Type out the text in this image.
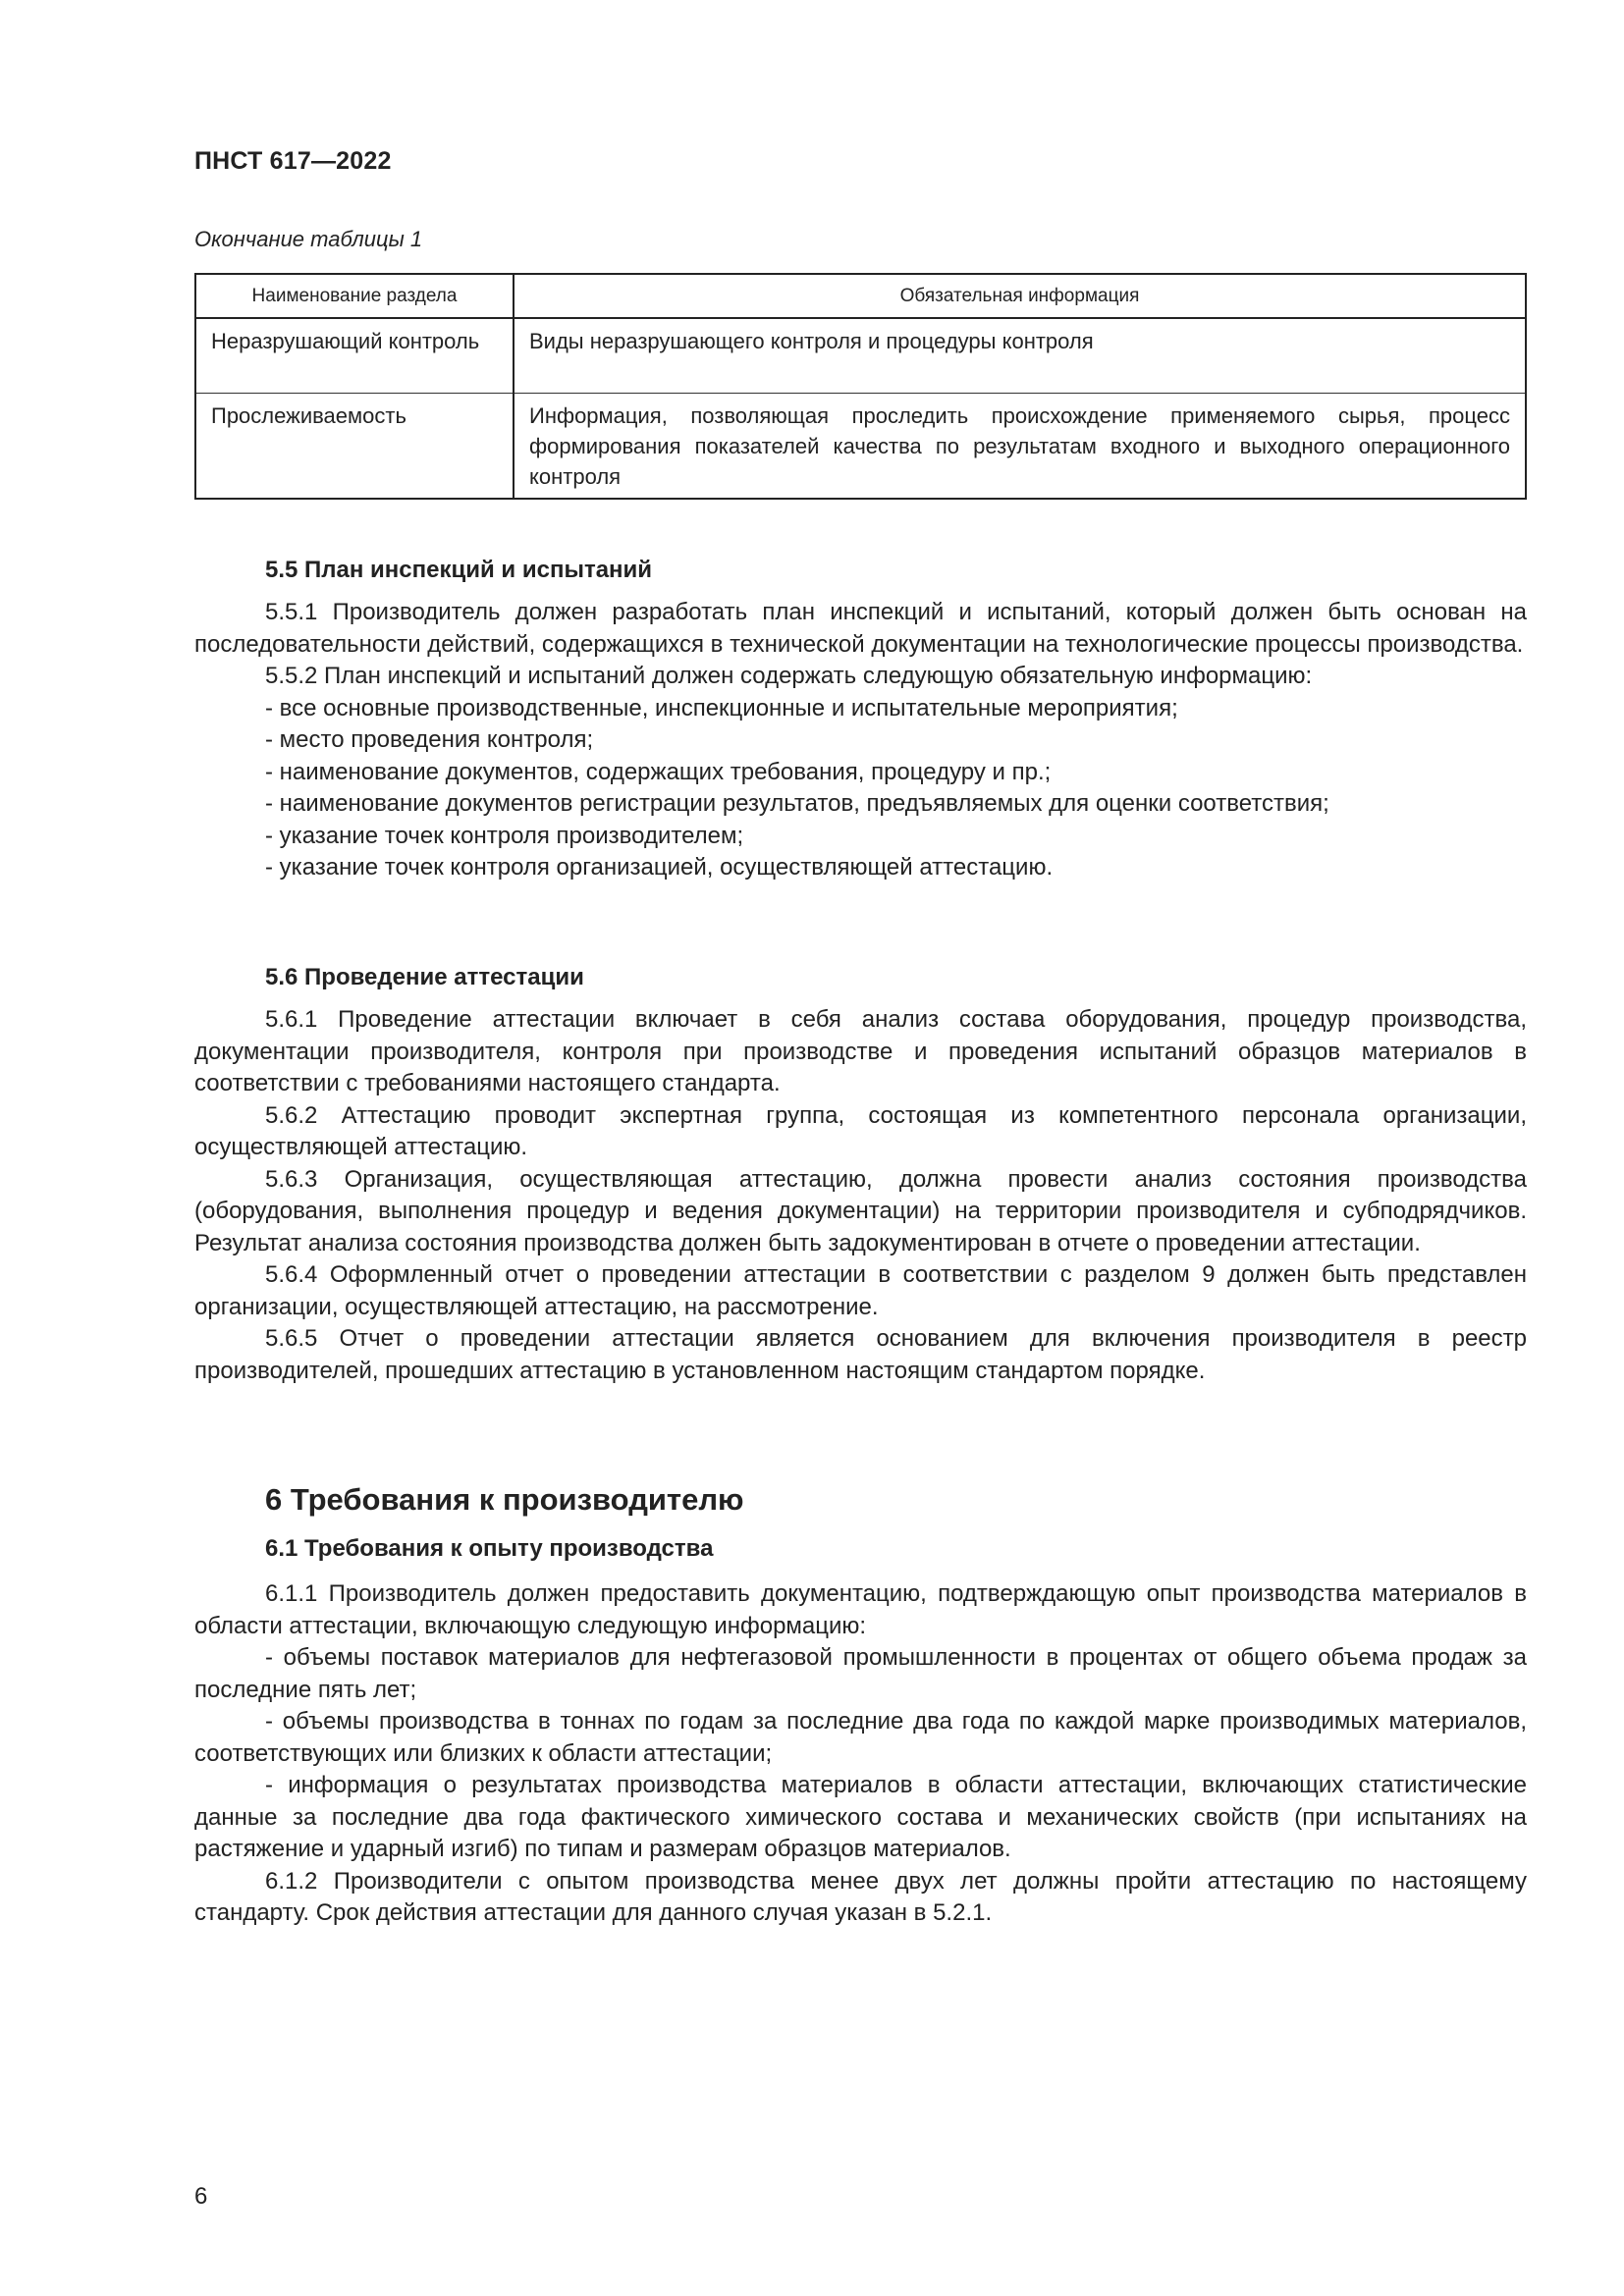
ПНСТ 617—2022
Окончание таблицы 1
Наименование раздела	Обязательная информация
Неразрушающий контроль	Виды неразрушающего контроля и процедуры контроля
Прослеживаемость	Информация, позволяющая проследить происхождение применяемого сырья, процесс формирования показателей качества по результатам входного и выходного операционного контроля
5.5 План инспекций и испытаний

5.5.1 Производитель должен разработать план инспекций и испытаний, который должен быть основан на последовательности действий, содержащихся в технической документации на технологические процессы производства.

5.5.2 План инспекций и испытаний должен содержать следующую обязательную информацию:

- все основные производственные, инспекционные и испытательные мероприятия;

- место проведения контроля;

- наименование документов, содержащих требования, процедуру и пр.;

- наименование документов регистрации результатов, предъявляемых для оценки соответствия;

- указание точек контроля производителем;

- указание точек контроля организацией, осуществляющей аттестацию.

5.6 Проведение аттестации

5.6.1 Проведение аттестации включает в себя анализ состава оборудования, процедур производства, документации производителя, контроля при производстве и проведения испытаний образцов материалов в соответствии с требованиями настоящего стандарта.

5.6.2 Аттестацию проводит экспертная группа, состоящая из компетентного персонала организации, осуществляющей аттестацию.

5.6.3 Организация, осуществляющая аттестацию, должна провести анализ состояния производства (оборудования, выполнения процедур и ведения документации) на территории производителя и субподрядчиков. Результат анализа состояния производства должен быть задокументирован в отчете о проведении аттестации.

5.6.4 Оформленный отчет о проведении аттестации в соответствии с разделом 9 должен быть представлен организации, осуществляющей аттестацию, на рассмотрение.

5.6.5 Отчет о проведении аттестации является основанием для включения производителя в реестр производителей, прошедших аттестацию в установленном настоящим стандартом порядке.

6 Требования к производителю
6.1 Требования к опыту производства

6.1.1 Производитель должен предоставить документацию, подтверждающую опыт производства материалов в области аттестации, включающую следующую информацию:

- объемы поставок материалов для нефтегазовой промышленности в процентах от общего объема продаж за последние пять лет;

- объемы производства в тоннах по годам за последние два года по каждой марке производимых материалов, соответствующих или близких к области аттестации;

- информация о результатах производства материалов в области аттестации, включающих статистические данные за последние два года фактического химического состава и механических свойств (при испытаниях на растяжение и ударный изгиб) по типам и размерам образцов материалов.

6.1.2 Производители с опытом производства менее двух лет должны пройти аттестацию по настоящему стандарту. Срок действия аттестации для данного случая указан в 5.2.1.

6
